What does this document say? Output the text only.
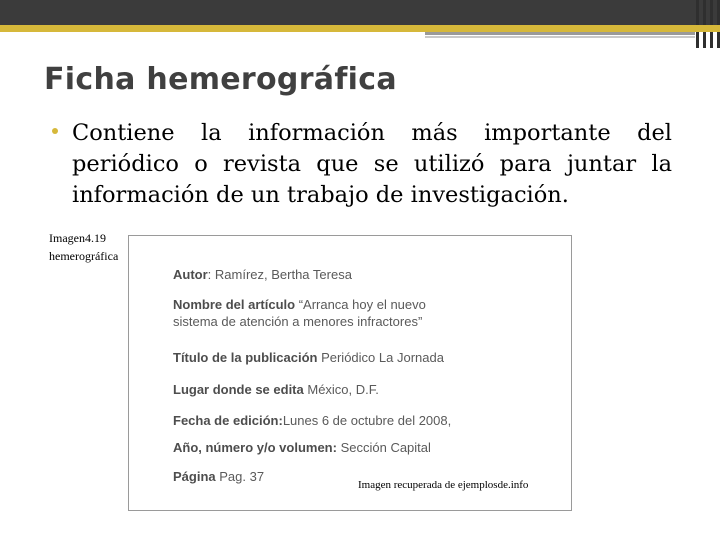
Ficha hemerográfica

Contiene la información más importante del periódico o revista que se utilizó para juntar la información de un trabajo de investigación.

Imagen4.19 hemerográfica
Autor: Ramírez, Bertha Teresa
Nombre del artículo “Arranca hoy el nuevo
sistema de atención a menores infractores”
Título de la publicación Periódico La Jornada
Lugar donde se edita México, D.F.
Fecha de edición:Lunes 6 de octubre del 2008,
Año, número y/o volumen: Sección Capital
Página Pag. 37
Imagen recuperada de ejemplosde.info
